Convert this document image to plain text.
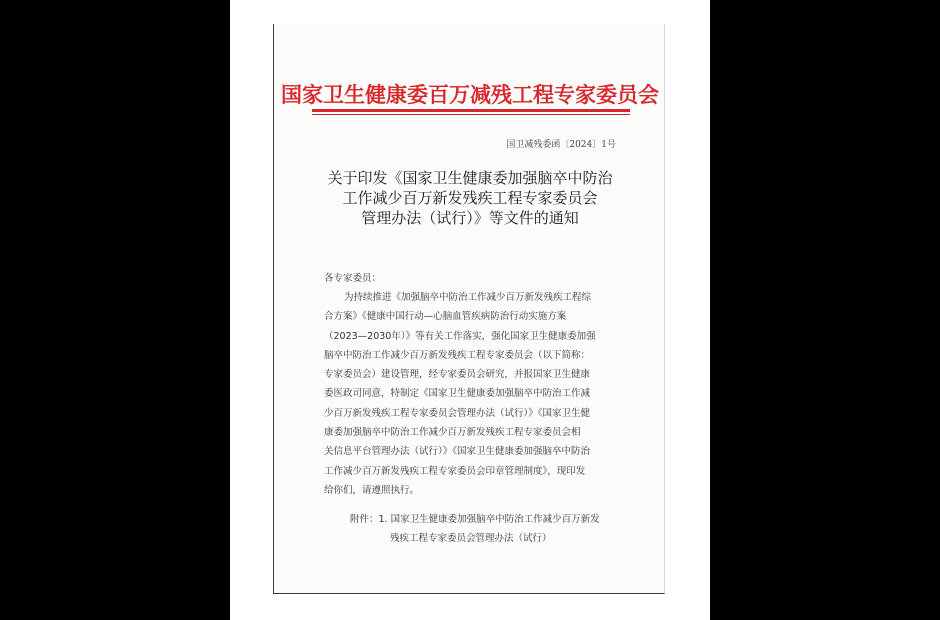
国家卫生健康委百万减残工程专家委员会
国卫减残委函〔2024〕1号
关于印发《国家卫生健康委加强脑卒中防治
工作减少百万新发残疾工程专家委员会
管理办法（试行）》等文件的通知
各专家委员：
为持续推进《加强脑卒中防治工作减少百万新发残疾工程综
合方案》《健康中国行动—心脑血管疾病防治行动实施方案
（2023—2030年）》等有关工作落实，强化国家卫生健康委加强
脑卒中防治工作减少百万新发残疾工程专家委员会（以下简称：
专家委员会）建设管理，经专家委员会研究，并报国家卫生健康
委医政司同意，特制定《国家卫生健康委加强脑卒中防治工作减
少百万新发残疾工程专家委员会管理办法（试行）》《国家卫生健
康委加强脑卒中防治工作减少百万新发残疾工程专家委员会相
关信息平台管理办法（试行）》《国家卫生健康委加强脑卒中防治
工作减少百万新发残疾工程专家委员会印章管理制度》，现印发
给你们，请遵照执行。
附件：1. 国家卫生健康委加强脑卒中防治工作减少百万新发
残疾工程专家委员会管理办法（试行）
